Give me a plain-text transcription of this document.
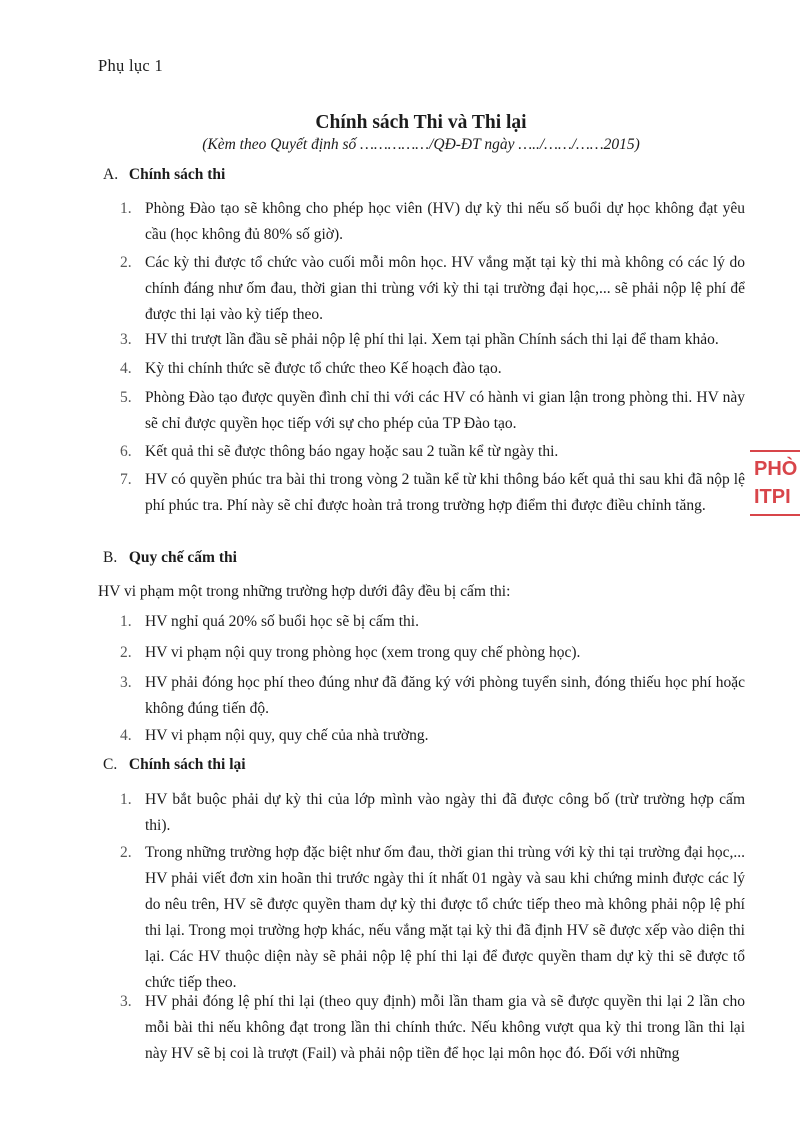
Phụ lục 1
Chính sách Thi và Thi lại
(Kèm theo Quyết định số ……………/QĐ-ĐT ngày …../……/……2015)
A. Chính sách thi
1. Phòng Đào tạo sẽ không cho phép học viên (HV) dự kỳ thi nếu số buổi dự học không đạt yêu cầu (học không đủ 80% số giờ).
2. Các kỳ thi được tổ chức vào cuối mỗi môn học. HV vắng mặt tại kỳ thi mà không có các lý do chính đáng như ốm đau, thời gian thi trùng với kỳ thi tại trường đại học,... sẽ phải nộp lệ phí để được thi lại vào kỳ tiếp theo.
3. HV thi trượt lần đầu sẽ phải nộp lệ phí thi lại. Xem tại phần Chính sách thi lại để tham khảo.
4. Kỳ thi chính thức sẽ được tổ chức theo Kế hoạch đào tạo.
5. Phòng Đào tạo được quyền đình chỉ thi với các HV có hành vi gian lận trong phòng thi. HV này sẽ chỉ được quyền học tiếp với sự cho phép của TP Đào tạo.
6. Kết quả thi sẽ được thông báo ngay hoặc sau 2 tuần kể từ ngày thi.
7. HV có quyền phúc tra bài thi trong vòng 2 tuần kể từ khi thông báo kết quả thi sau khi đã nộp lệ phí phúc tra. Phí này sẽ chỉ được hoàn trả trong trường hợp điểm thi được điều chỉnh tăng.
B. Quy chế cấm thi
HV vi phạm một trong những trường hợp dưới đây đều bị cấm thi:
1. HV nghỉ quá 20% số buổi học sẽ bị cấm thi.
2. HV vi phạm nội quy trong phòng học (xem trong quy chế phòng học).
3. HV phải đóng học phí theo đúng như đã đăng ký với phòng tuyển sinh, đóng thiếu học phí hoặc không đúng tiến độ.
4. HV vi phạm nội quy, quy chế của nhà trường.
C. Chính sách thi lại
1. HV bắt buộc phải dự kỳ thi của lớp mình vào ngày thi đã được công bố (trừ trường hợp cấm thi).
2. Trong những trường hợp đặc biệt như ốm đau, thời gian thi trùng với kỳ thi tại trường đại học,... HV phải viết đơn xin hoãn thi trước ngày thi ít nhất 01 ngày và sau khi chứng minh được các lý do nêu trên, HV sẽ được quyền tham dự kỳ thi được tổ chức tiếp theo mà không phải nộp lệ phí thi lại. Trong mọi trường hợp khác, nếu vắng mặt tại kỳ thi đã định HV sẽ được xếp vào diện thi lại. Các HV thuộc diện này sẽ phải nộp lệ phí thi lại để được quyền tham dự kỳ thi sẽ được tổ chức tiếp theo.
3. HV phải đóng lệ phí thi lại (theo quy định) mỗi lần tham gia và sẽ được quyền thi lại 2 lần cho mỗi bài thi nếu không đạt trong lần thi chính thức. Nếu không vượt qua kỳ thi trong lần thi lại này HV sẽ bị coi là trượt (Fail) và phải nộp tiền để học lại môn học đó. Đối với những
PHÒ
ITPI
